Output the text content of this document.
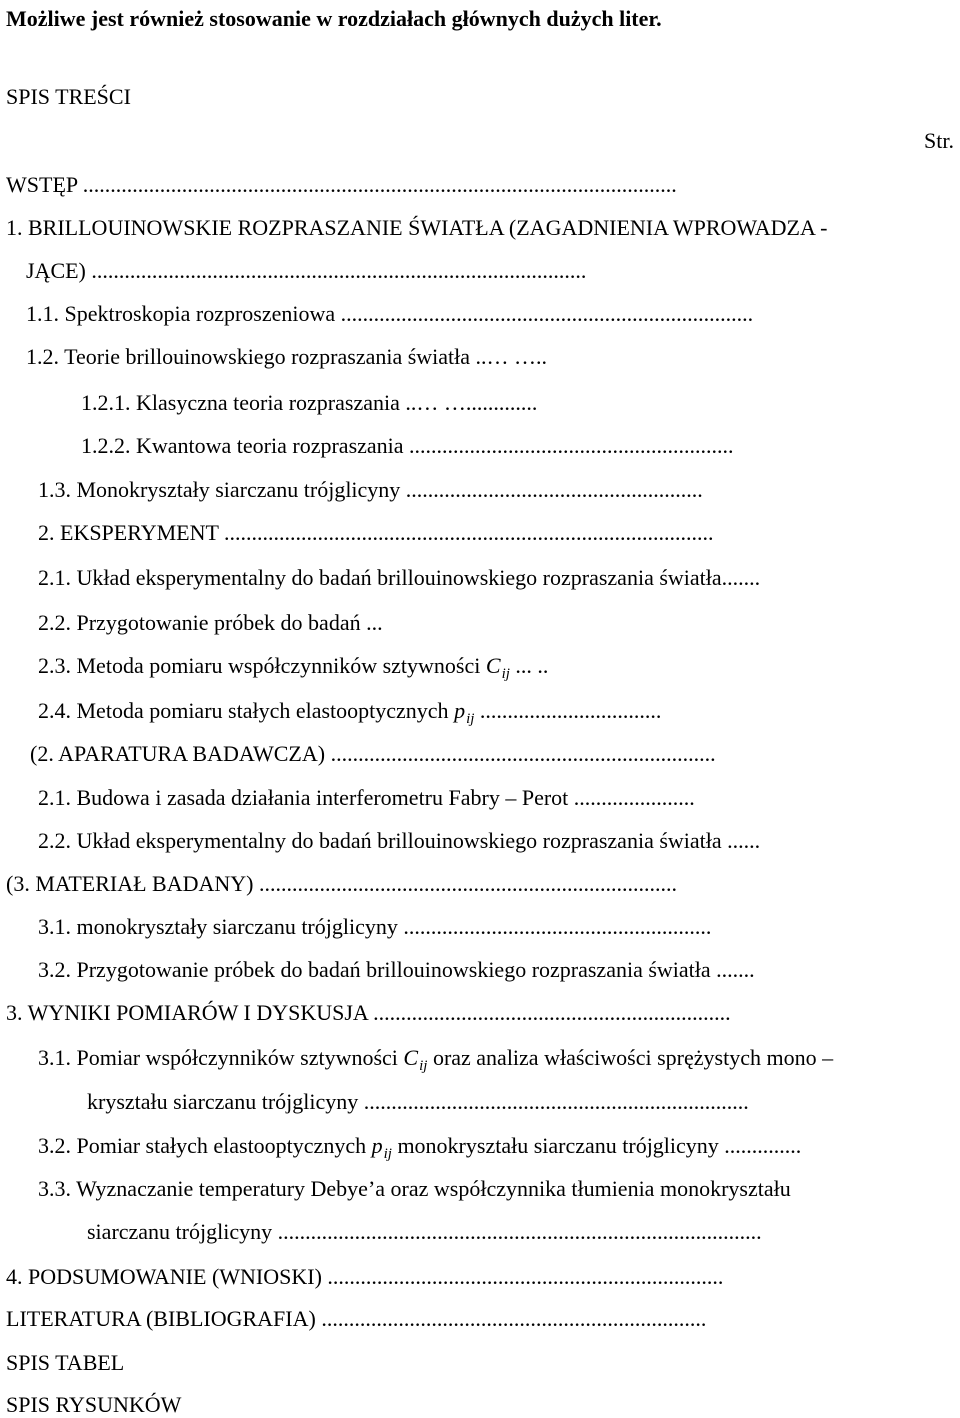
Możliwe jest również stosowanie w rozdziałach głównych dużych liter.
SPIS TREŚCI
Str.
WSTĘP ............................................................................................................
1. BRILLOUINOWSKIE ROZPRASZANIE ŚWIATŁA (ZAGADNIENIA WPROWADZA -
JĄCE) ..........................................................................................
1.1. Spektroskopia rozproszeniowa ...........................................................................
1.2. Teorie brillouinowskiego rozpraszania światła ..… …..
1.2.1. Klasyczna teoria rozpraszania ..… ….............
1.2.2. Kwantowa teoria rozpraszania ...........................................................
1.3. Monokryształy siarczanu trójglicyny ......................................................
2. EKSPERYMENT .........................................................................................
2.1. Układ eksperymentalny do badań brillouinowskiego rozpraszania światła.......
2.2. Przygotowanie próbek do badań ...
2.3. Metoda pomiaru współczynników sztywności $C_{ij}$ ... ..
2.4. Metoda pomiaru stałych elastooptycznych $p_{ij}$ .................................
(2. APARATURA BADAWCZA) ......................................................................
2.1. Budowa i zasada działania interferometru Fabry – Perot ......................
2.2. Układ eksperymentalny do badań brillouinowskiego rozpraszania światła ......
(3. MATERIAŁ BADANY) ............................................................................
3.1. monokryształy siarczanu trójglicyny ........................................................
3.2. Przygotowanie próbek do badań brillouinowskiego rozpraszania światła .......
3. WYNIKI POMIARÓW I DYSKUSJA .................................................................
3.1. Pomiar współczynników sztywności $C_{ij}$ oraz analiza właściwości sprężystych mono –
kryształu siarczanu trójglicyny ......................................................................
3.2. Pomiar stałych elastooptycznych $p_{ij}$ monokryształu siarczanu trójglicyny ..............
3.3. Wyznaczanie temperatury Debye’a oraz współczynnika tłumienia monokryształu
siarczanu trójglicyny ........................................................................................
4. PODSUMOWANIE (WNIOSKI) ........................................................................
LITERATURA (BIBLIOGRAFIA) ......................................................................
SPIS TABEL
SPIS RYSUNKÓW
